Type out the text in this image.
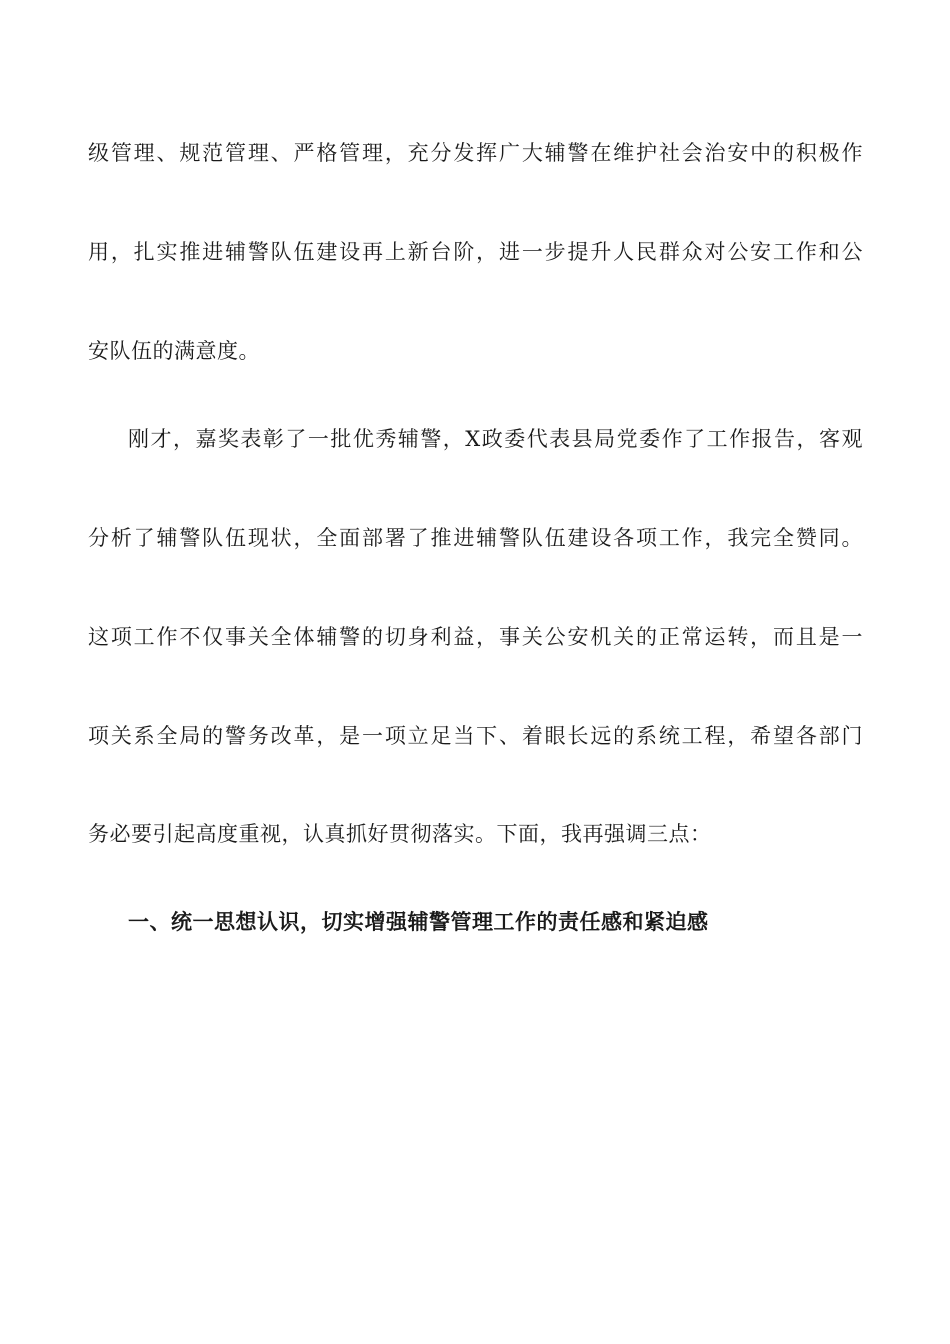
级管理、规范管理、严格管理，充分发挥广大辅警在维护社会治安中的积极作
用，扎实推进辅警队伍建设再上新台阶，进一步提升人民群众对公安工作和公
安队伍的满意度。
刚才，嘉奖表彰了一批优秀辅警，X政委代表县局党委作了工作报告，客观
分析了辅警队伍现状，全面部署了推进辅警队伍建设各项工作，我完全赞同。
这项工作不仅事关全体辅警的切身利益，事关公安机关的正常运转，而且是一
项关系全局的警务改革，是一项立足当下、着眼长远的系统工程，希望各部门
务必要引起高度重视，认真抓好贯彻落实。下面，我再强调三点：
一、统一思想认识，切实增强辅警管理工作的责任感和紧迫感
